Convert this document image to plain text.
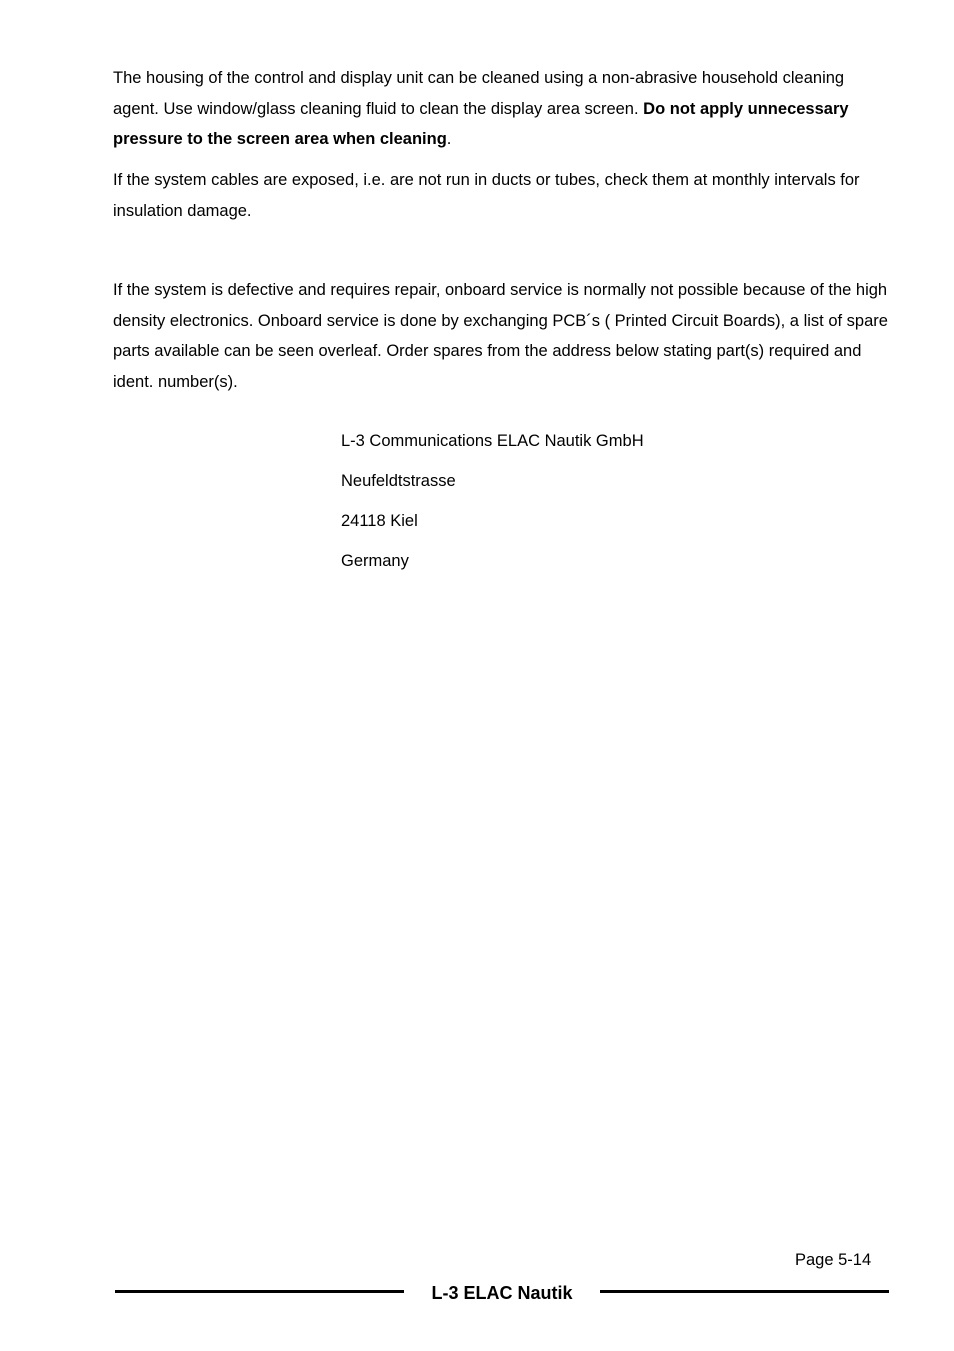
The housing of the control and display unit can be cleaned using a non-abrasive household cleaning agent. Use window/glass cleaning fluid to clean the display area screen. Do not apply unnecessary pressure to the screen area when cleaning.

If the system cables are exposed, i.e. are not run in ducts or tubes, check them at monthly intervals for insulation damage.

If the system is defective and requires repair, onboard service is normally not possible because of the high density electronics. Onboard service is done by exchanging PCB´s ( Printed Circuit Boards), a list of spare parts available can be seen overleaf. Order spares from the address below stating part(s) required and ident. number(s).

L-3 Communications ELAC Nautik GmbH
Neufeldtstrasse
24118 Kiel
Germany
Page 5-14
L-3 ELAC Nautik
